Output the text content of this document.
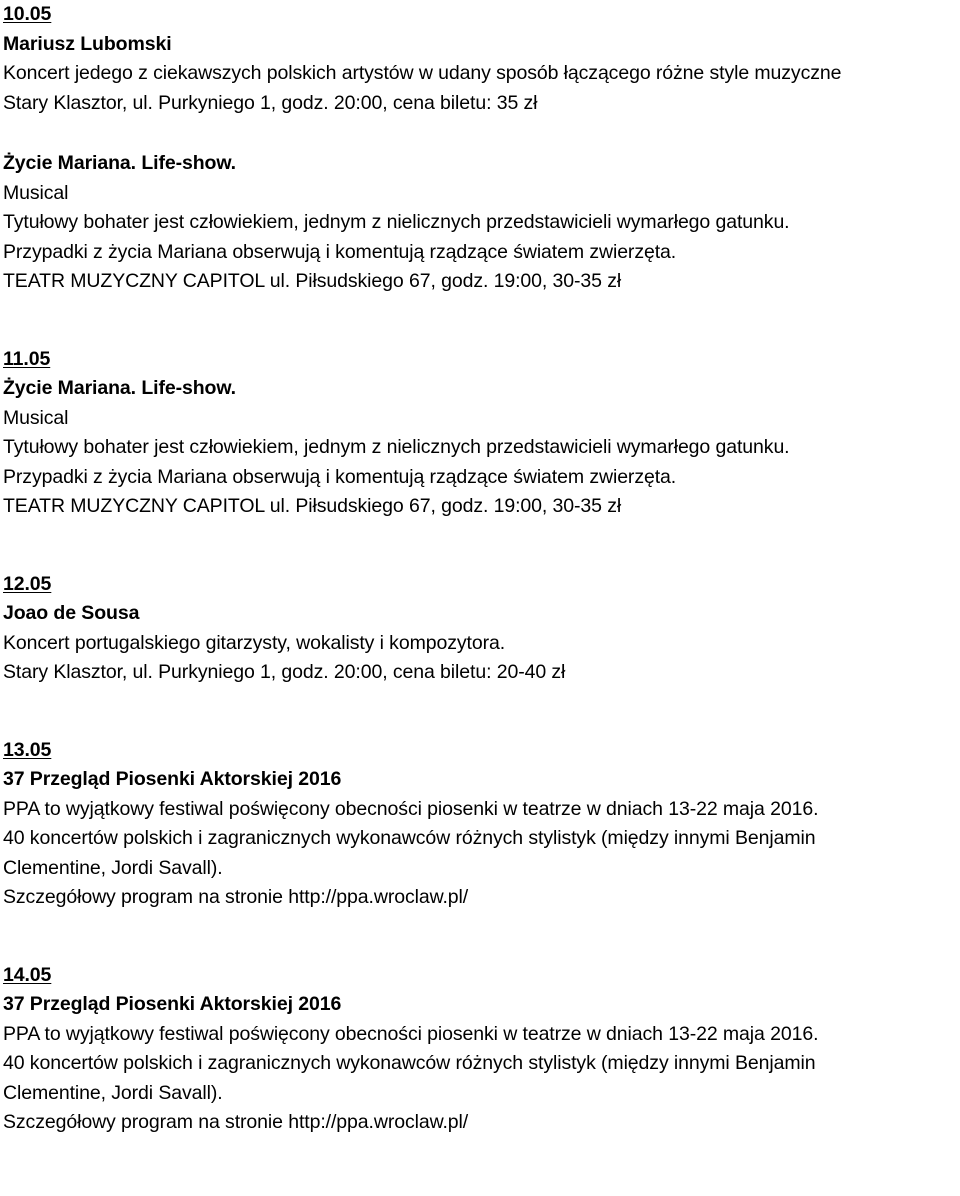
10.05
Mariusz Lubomski
Koncert jedego z ciekawszych polskich artystów w udany sposób łączącego różne style muzyczne
Stary Klasztor, ul. Purkyniego 1, godz. 20:00, cena biletu: 35 zł
Życie Mariana. Life-show.
Musical
Tytułowy bohater jest człowiekiem, jednym z nielicznych przedstawicieli wymarłego gatunku.
Przypadki z życia Mariana obserwują i komentują rządzące światem zwierzęta.
TEATR MUZYCZNY CAPITOL ul. Piłsudskiego 67, godz. 19:00, 30-35 zł
11.05
Życie Mariana. Life-show.
Musical
Tytułowy bohater jest człowiekiem, jednym z nielicznych przedstawicieli wymarłego gatunku.
Przypadki z życia Mariana obserwują i komentują rządzące światem zwierzęta.
TEATR MUZYCZNY CAPITOL ul. Piłsudskiego 67, godz. 19:00, 30-35 zł
12.05
Joao de Sousa
Koncert portugalskiego gitarzysty, wokalisty i kompozytora.
Stary Klasztor, ul. Purkyniego 1, godz. 20:00, cena biletu: 20-40 zł
13.05
37 Przegląd Piosenki Aktorskiej 2016
PPA to wyjątkowy festiwal poświęcony obecności piosenki w teatrze w dniach 13-22 maja 2016.
40 koncertów polskich i zagranicznych wykonawców różnych stylistyk (między innymi Benjamin
Clementine, Jordi Savall).
Szczegółowy program na stronie http://ppa.wroclaw.pl/
14.05
37 Przegląd Piosenki Aktorskiej 2016
PPA to wyjątkowy festiwal poświęcony obecności piosenki w teatrze w dniach 13-22 maja 2016.
40 koncertów polskich i zagranicznych wykonawców różnych stylistyk (między innymi Benjamin
Clementine, Jordi Savall).
Szczegółowy program na stronie http://ppa.wroclaw.pl/
